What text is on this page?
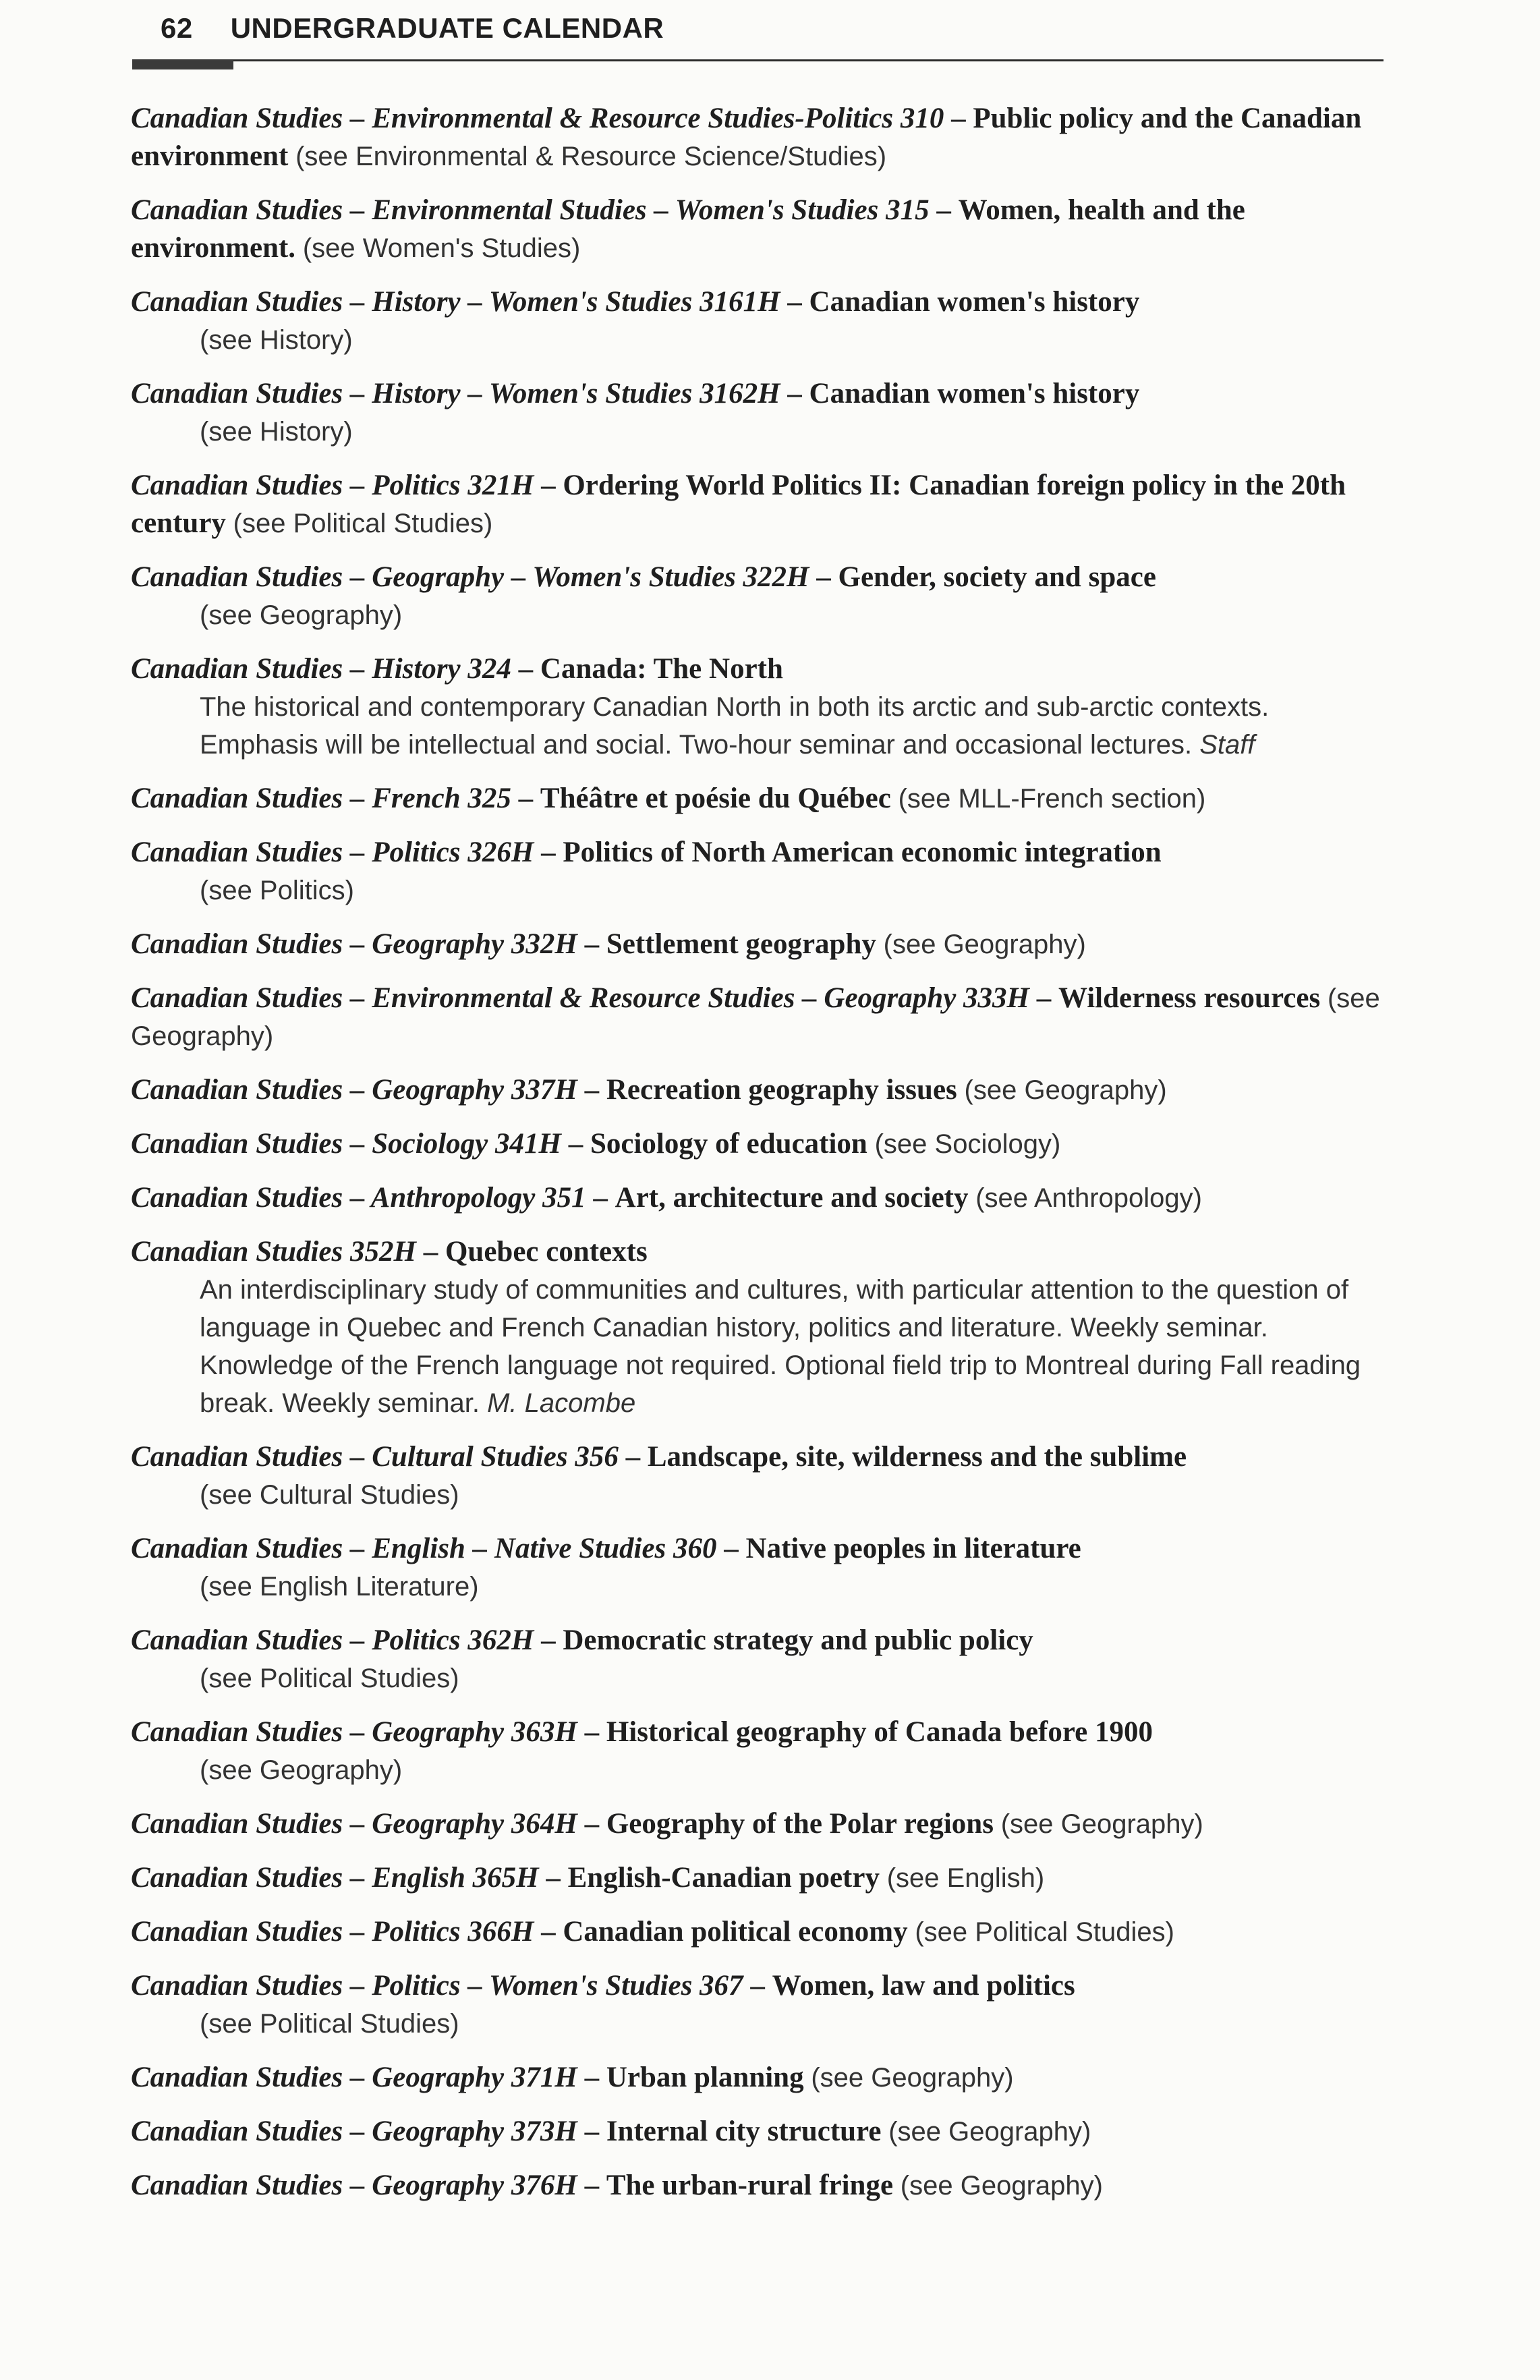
62 UNDERGRADUATE CALENDAR

Canadian Studies – Environmental & Resource Studies-Politics 310 – Public policy and the Canadian environment (see Environmental & Resource Science/Studies)

Canadian Studies – Environmental Studies – Women's Studies 315 – Women, health and the environment. (see Women's Studies)

Canadian Studies – History – Women's Studies 3161H – Canadian women's history
(see History)

Canadian Studies – History – Women's Studies 3162H – Canadian women's history
(see History)

Canadian Studies – Politics 321H – Ordering World Politics II: Canadian foreign policy in the 20th century (see Political Studies)

Canadian Studies – Geography – Women's Studies 322H – Gender, society and space
(see Geography)

Canadian Studies – History 324 – Canada: The North
The historical and contemporary Canadian North in both its arctic and sub-arctic contexts. Emphasis will be intellectual and social. Two-hour seminar and occasional lectures. Staff

Canadian Studies – French 325 – Théâtre et poésie du Québec (see MLL-French section)

Canadian Studies – Politics 326H – Politics of North American economic integration
(see Politics)

Canadian Studies – Geography 332H – Settlement geography (see Geography)

Canadian Studies – Environmental & Resource Studies – Geography 333H – Wilderness resources (see Geography)

Canadian Studies – Geography 337H – Recreation geography issues (see Geography)

Canadian Studies – Sociology 341H – Sociology of education (see Sociology)

Canadian Studies – Anthropology 351 – Art, architecture and society (see Anthropology)

Canadian Studies 352H – Quebec contexts
An interdisciplinary study of communities and cultures, with particular attention to the question of language in Quebec and French Canadian history, politics and literature. Weekly seminar. Knowledge of the French language not required. Optional field trip to Montreal during Fall reading break. Weekly seminar. M. Lacombe

Canadian Studies – Cultural Studies 356 – Landscape, site, wilderness and the sublime
(see Cultural Studies)

Canadian Studies – English – Native Studies 360 – Native peoples in literature
(see English Literature)

Canadian Studies – Politics 362H – Democratic strategy and public policy
(see Political Studies)

Canadian Studies – Geography 363H – Historical geography of Canada before 1900
(see Geography)

Canadian Studies – Geography 364H – Geography of the Polar regions (see Geography)

Canadian Studies – English 365H – English-Canadian poetry (see English)

Canadian Studies – Politics 366H – Canadian political economy (see Political Studies)

Canadian Studies – Politics – Women's Studies 367 – Women, law and politics
(see Political Studies)

Canadian Studies – Geography 371H – Urban planning (see Geography)

Canadian Studies – Geography 373H – Internal city structure (see Geography)

Canadian Studies – Geography 376H – The urban-rural fringe (see Geography)
